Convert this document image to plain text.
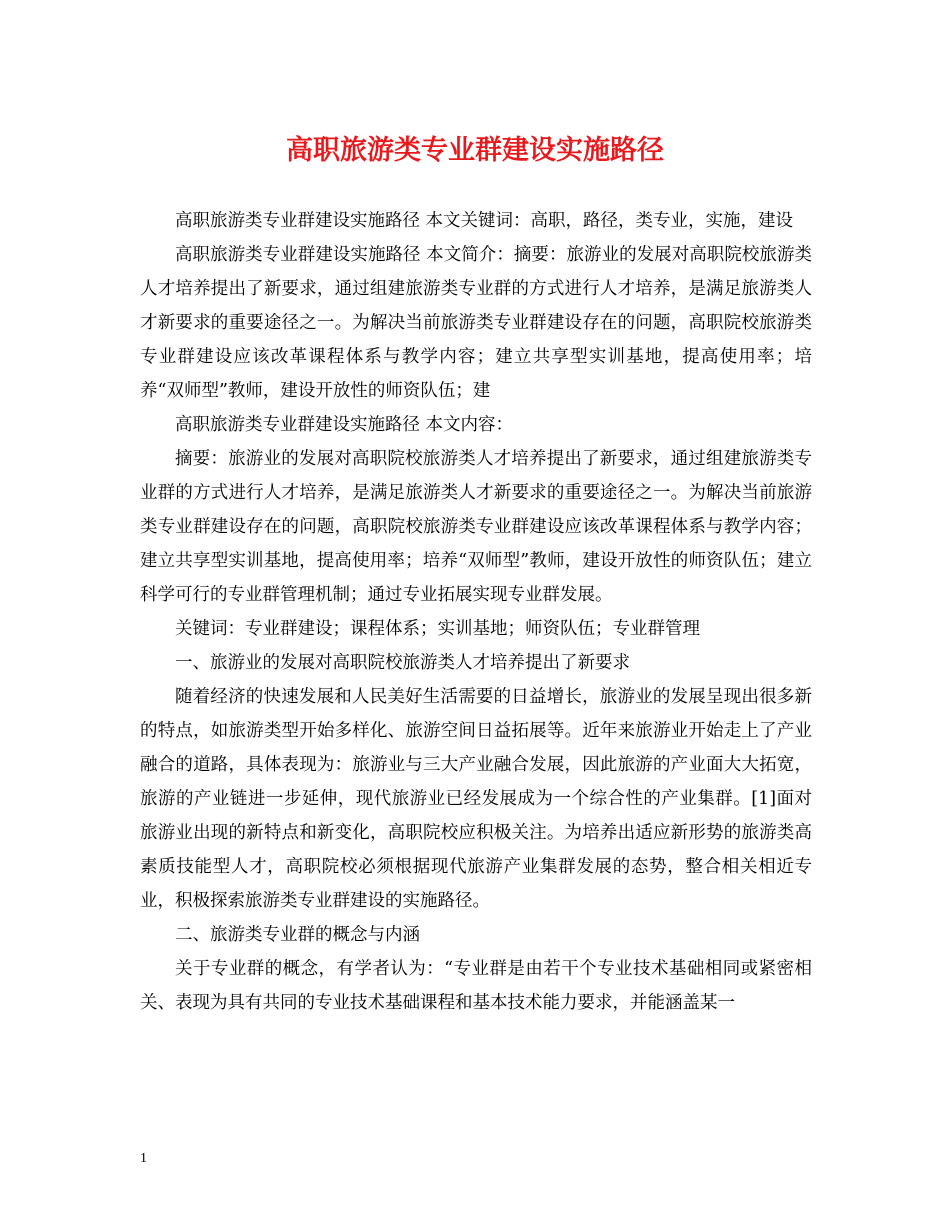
高职旅游类专业群建设实施路径

高职旅游类专业群建设实施路径 本文关键词：高职，路径，类专业，实施，建设

高职旅游类专业群建设实施路径 本文简介：摘要：旅游业的发展对高职院校旅游类人才培养提出了新要求，通过组建旅游类专业群的方式进行人才培养，是满足旅游类人才新要求的重要途径之一。为解决当前旅游类专业群建设存在的问题，高职院校旅游类专业群建设应该改革课程体系与教学内容；建立共享型实训基地，提高使用率；培养“双师型”教师，建设开放性的师资队伍；建

高职旅游类专业群建设实施路径 本文内容：

摘要：旅游业的发展对高职院校旅游类人才培养提出了新要求，通过组建旅游类专业群的方式进行人才培养，是满足旅游类人才新要求的重要途径之一。为解决当前旅游类专业群建设存在的问题，高职院校旅游类专业群建设应该改革课程体系与教学内容；建立共享型实训基地，提高使用率；培养“双师型”教师，建设开放性的师资队伍；建立科学可行的专业群管理机制；通过专业拓展实现专业群发展。

关键词：专业群建设；课程体系；实训基地；师资队伍；专业群管理

一、旅游业的发展对高职院校旅游类人才培养提出了新要求

随着经济的快速发展和人民美好生活需要的日益增长，旅游业的发展呈现出很多新的特点，如旅游类型开始多样化、旅游空间日益拓展等。近年来旅游业开始走上了产业融合的道路，具体表现为：旅游业与三大产业融合发展，因此旅游的产业面大大拓宽，旅游的产业链进一步延伸，现代旅游业已经发展成为一个综合性的产业集群。[1]面对旅游业出现的新特点和新变化，高职院校应积极关注。为培养出适应新形势的旅游类高素质技能型人才，高职院校必须根据现代旅游产业集群发展的态势，整合相关相近专业，积极探索旅游类专业群建设的实施路径。

二、旅游类专业群的概念与内涵

关于专业群的概念，有学者认为：“专业群是由若干个专业技术基础相同或紧密相关、表现为具有共同的专业技术基础课程和基本技术能力要求，并能涵盖某一

1
